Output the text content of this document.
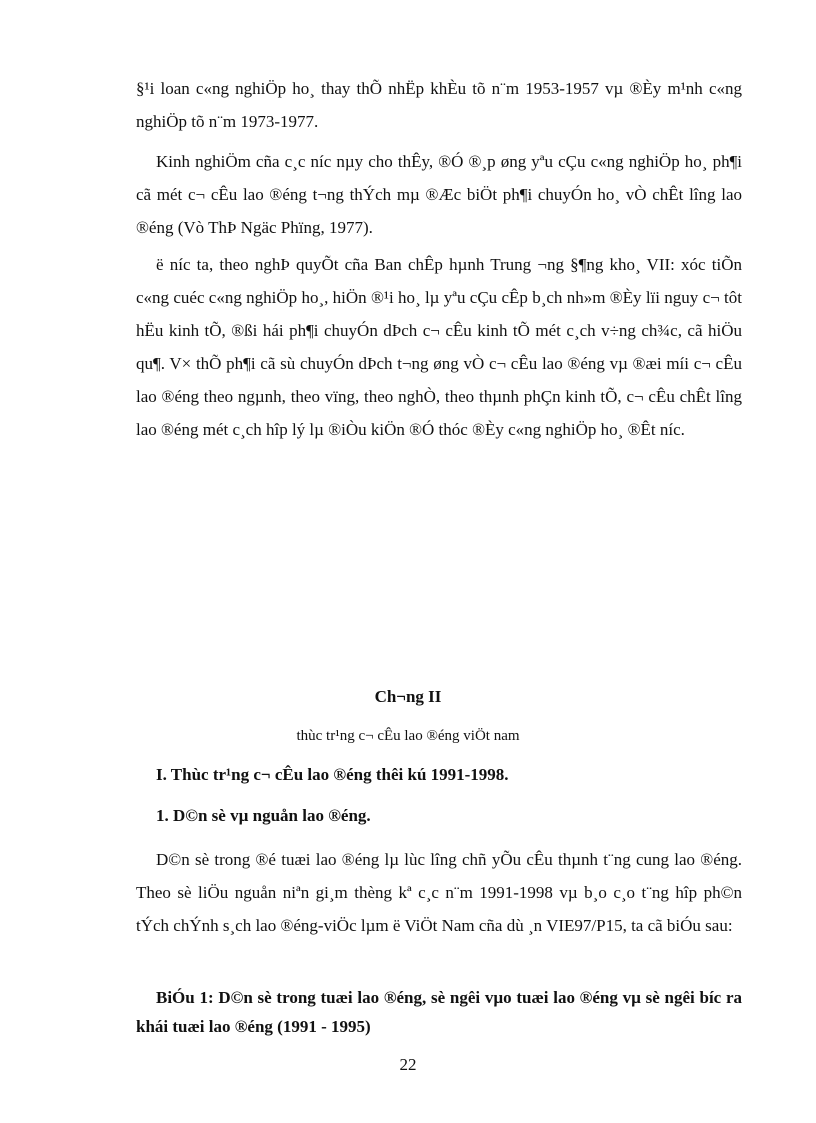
§¹i loan c«ng nghiÖp ho¸ thay thÕ nhËp khÈu tõ n¨m 1953-1957 vµ ®Èy m¹nh c«ng nghiÖp tõ n¨m 1973-1977.

Kinh nghiÖm cña c¸c níc nµy cho thÊy, ®Ó ®¸p øng yªu cÇu c«ng nghiÖp ho¸ ph¶i cã mét c¬ cÊu lao ®éng t¬ng thÝch mµ ®Æc biÖt ph¶i chuyÓn ho¸ vÒ chÊt lîng lao ®éng (Vò ThÞ Ngäc Phïng, 1977).

ë níc ta, theo nghÞ quyÕt cña Ban chÊp hµnh Trung ¬ng §¶ng kho¸ VII: xóc tiÕn c«ng cuéc c«ng nghiÖp ho¸, hiÖn ®¹i ho¸ lµ yªu cÇu cÊp b¸ch nh»m ®Èy lïi nguy c¬ tôt hËu kinh tÕ, ®ßi hái ph¶i chuyÓn dÞch c¬ cÊu kinh tÕ mét c¸ch v÷ng ch¾c, cã hiÖu qu¶. V× thÕ ph¶i cã sù chuyÓn dÞch t¬ng øng vÒ c¬ cÊu lao ®éng vµ ®æi míi c¬ cÊu lao ®éng theo ngµnh, theo vïng, theo nghÒ, theo thµnh phÇn kinh tÕ, c¬ cÊu chÊt lîng lao ®éng mét c¸ch hîp lý lµ ®iÒu kiÖn ®Ó thóc ®Èy c«ng nghiÖp ho¸ ®Êt níc.

Ch¬ng II

thùc tr¹ng c¬ cÊu lao ®éng viÖt nam

I. Thùc tr¹ng c¬ cÊu lao ®éng thêi kú 1991-1998.

1. D©n sè vµ nguån lao ®éng.

D©n sè trong ®é tuæi lao ®éng lµ lùc lîng chñ yÕu cÊu thµnh t¨ng cung lao ®éng. Theo sè liÖu nguån niªn gi¸m thèng kª c¸c n¨m 1991-1998 vµ b¸o c¸o t¨ng hîp ph©n tÝch chÝnh s¸ch lao ®éng-viÖc lµm ë ViÖt Nam cña dù ¸n VIE97/P15, ta cã biÓu sau:

BiÓu 1: D©n sè trong tuæi lao ®éng, sè ngêi vµo tuæi lao ®éng vµ sè ngêi bíc ra khái tuæi lao ®éng (1991 - 1995)

22
